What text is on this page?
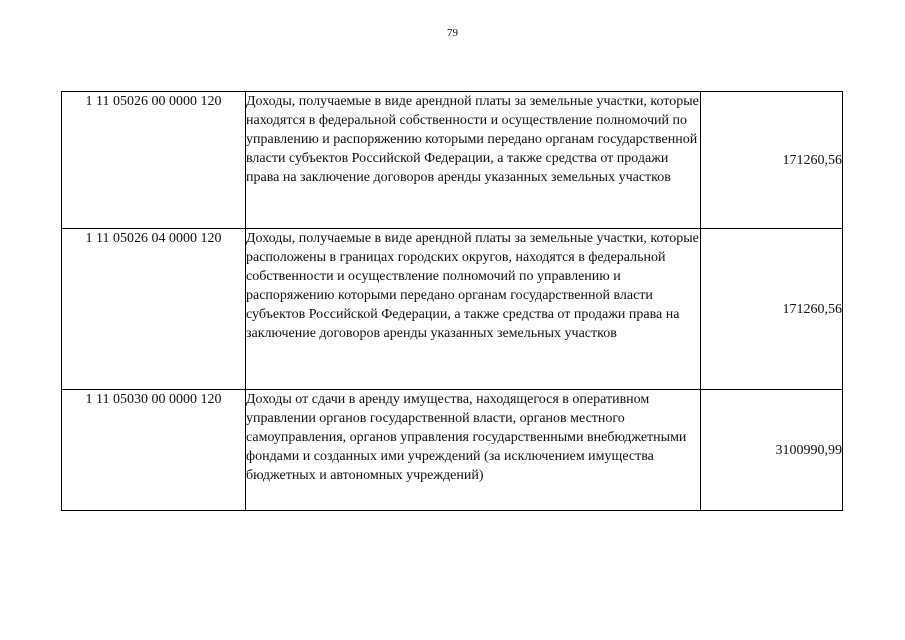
79
1 11 05026 00 0000 120	Доходы, получаемые в виде арендной платы за земельные участки, которые находятся в федеральной собственности и осуществление полномочий по управлению и распоряжению которыми передано органам государственной власти субъектов Российской Федерации, а также средства от продажи права на заключение договоров аренды указанных земельных участков	171260,56
1 11 05026 04 0000 120	Доходы, получаемые в виде арендной платы за земельные участки, которые расположены в границах городских округов, находятся в федеральной собственности и осуществление полномочий по управлению и распоряжению которыми передано органам государственной власти субъектов Российской Федерации, а также средства от продажи права на заключение договоров аренды указанных земельных участков	171260,56
1 11 05030 00 0000 120	Доходы от сдачи в аренду имущества, находящегося в оперативном управлении органов государственной власти, органов местного самоуправления, органов управления государственными внебюджетными фондами и созданных ими учреждений (за исключением имущества бюджетных и автономных учреждений)	3100990,99
